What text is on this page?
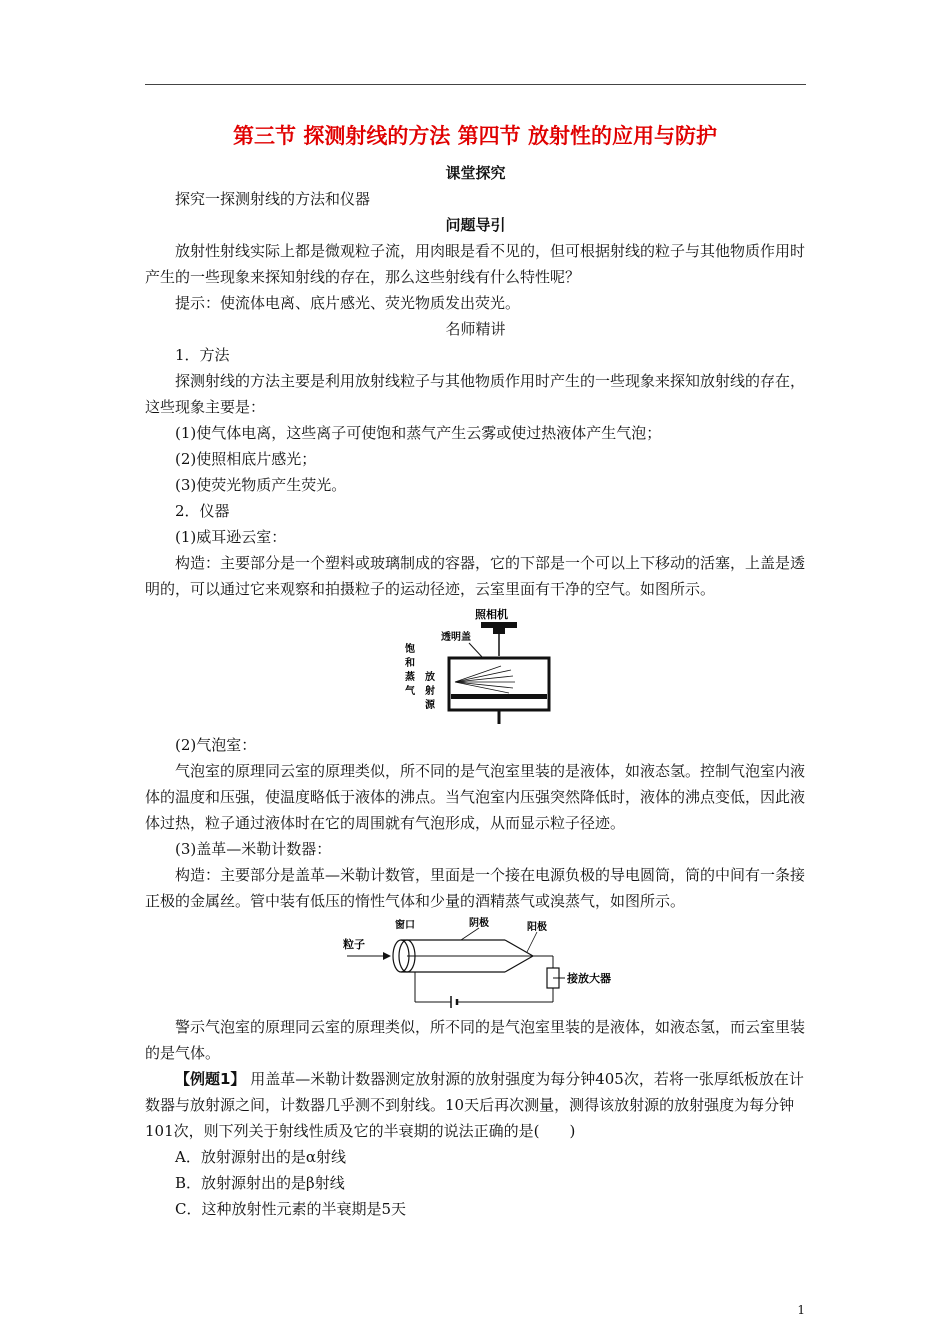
第三节 探测射线的方法 第四节 放射性的应用与防护

课堂探究

探究一探测射线的方法和仪器

问题导引

放射性射线实际上都是微观粒子流，用肉眼是看不见的，但可根据射线的粒子与其他物质作用时产生的一些现象来探知射线的存在，那么这些射线有什么特性呢？

提示：使流体电离、底片感光、荧光物质发出荧光。

名师精讲

1．方法

探测射线的方法主要是利用放射线粒子与其他物质作用时产生的一些现象来探知放射线的存在，这些现象主要是：

(1)使气体电离，这些离子可使饱和蒸气产生云雾或使过热液体产生气泡；

(2)使照相底片感光；

(3)使荧光物质产生荧光。

2．仪器

(1)威耳逊云室：

构造：主要部分是一个塑料或玻璃制成的容器，它的下部是一个可以上下移动的活塞，上盖是透明的，可以通过它来观察和拍摄粒子的运动径迹，云室里面有干净的空气。如图所示。

照相机
透明盖
饱和蒸气
放射源

(2)气泡室：

气泡室的原理同云室的原理类似，所不同的是气泡室里装的是液体，如液态氢。控制气泡室内液体的温度和压强，使温度略低于液体的沸点。当气泡室内压强突然降低时，液体的沸点变低，因此液体过热，粒子通过液体时在它的周围就有气泡形成，从而显示粒子径迹。

(3)盖革—米勒计数器：

构造：主要部分是盖革—米勒计数管，里面是一个接在电源负极的导电圆筒，筒的中间有一条接正极的金属丝。管中装有低压的惰性气体和少量的酒精蒸气或溴蒸气，如图所示。

粒子
窗口	阴极	阳极
接放大器

警示气泡室的原理同云室的原理类似，所不同的是气泡室里装的是液体，如液态氢，而云室里装的是气体。

【例题1】 用盖革—米勒计数器测定放射源的放射强度为每分钟405次，若将一张厚纸板放在计数器与放射源之间，计数器几乎测不到射线。10天后再次测量，测得该放射源的放射强度为每分钟101次，则下列关于射线性质及它的半衰期的说法正确的是(　　)

A．放射源射出的是α射线

B．放射源射出的是β射线

C．这种放射性元素的半衰期是5天

1
